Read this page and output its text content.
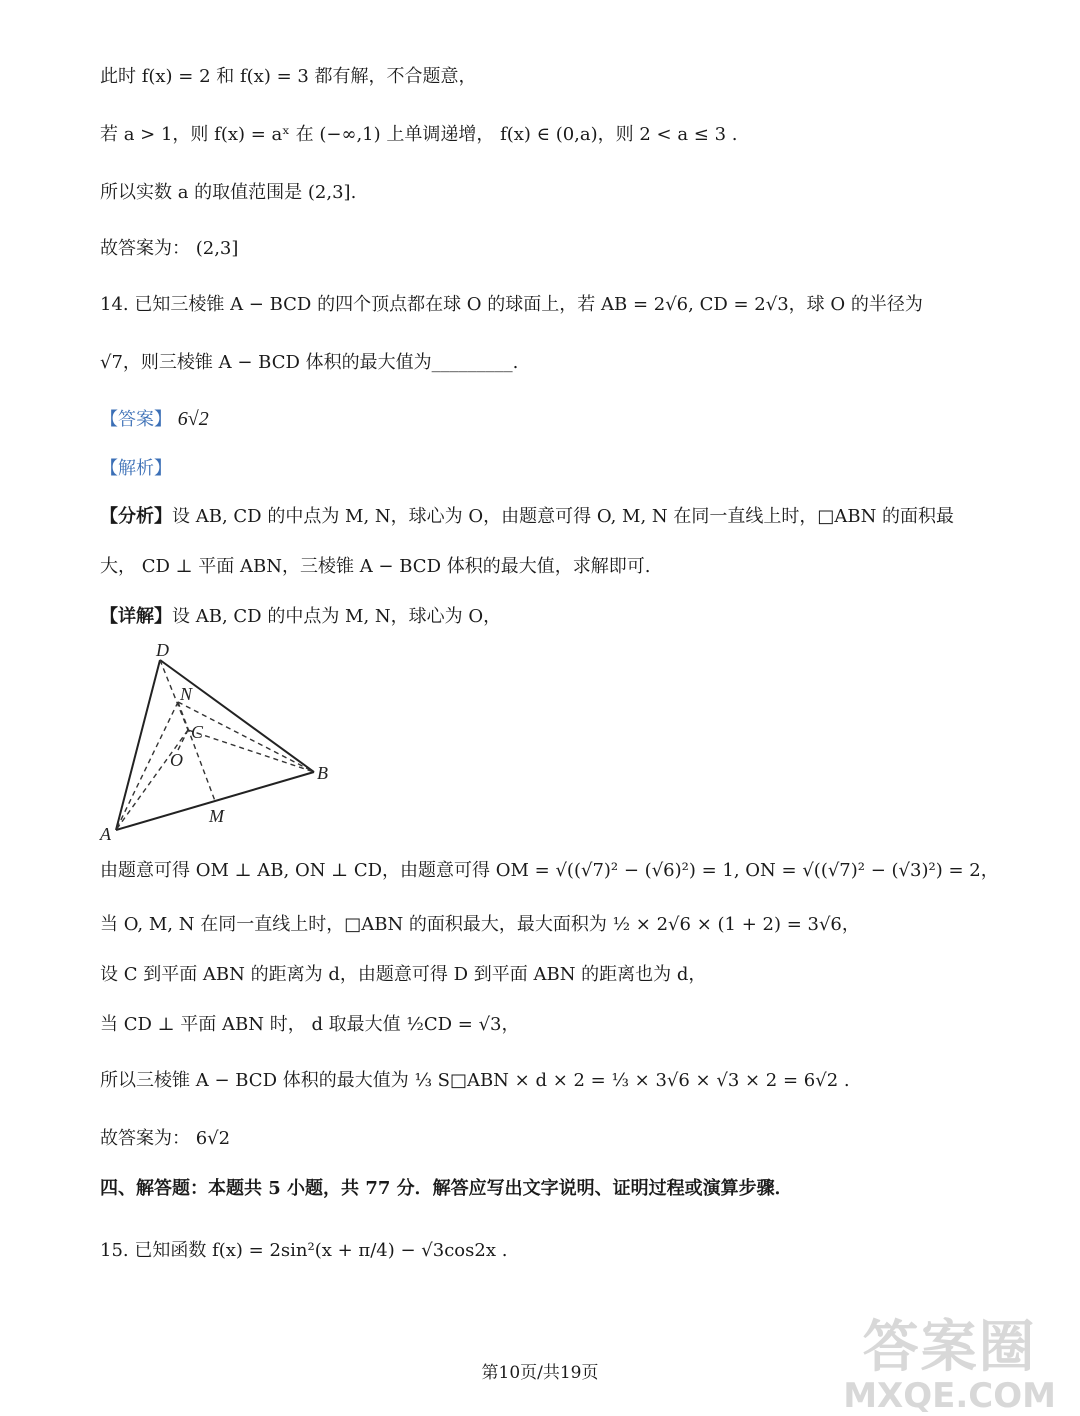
此时 f(x) = 2 和 f(x) = 3 都有解，不合题意，
若 a > 1，则 f(x) = aˣ 在 (−∞,1) 上单调递增， f(x) ∈ (0,a)，则 2 < a ≤ 3 .
所以实数 a 的取值范围是 (2,3].
故答案为： (2,3]
14. 已知三棱锥 A − BCD 的四个顶点都在球 O 的球面上，若 AB = 2√6, CD = 2√3，球 O 的半径为
√7，则三棱锥 A − BCD 体积的最大值为_________.
【答案】 6√2
【解析】
【分析】设 AB, CD 的中点为 M, N，球心为 O，由题意可得 O, M, N 在同一直线上时，□ABN 的面积最
大， CD ⊥ 平面 ABN，三棱锥 A − BCD 体积的最大值，求解即可.
【详解】设 AB, CD 的中点为 M, N，球心为 O，
D
N
C
O
B
M
A
由题意可得 OM ⊥ AB, ON ⊥ CD，由题意可得 OM = √((√7)² − (√6)²) = 1, ON = √((√7)² − (√3)²) = 2，
当 O, M, N 在同一直线上时，□ABN 的面积最大，最大面积为 ½ × 2√6 × (1 + 2) = 3√6，
设 C 到平面 ABN 的距离为 d，由题意可得 D 到平面 ABN 的距离也为 d，
当 CD ⊥ 平面 ABN 时， d 取最大值 ½CD = √3，
所以三棱锥 A − BCD 体积的最大值为 ⅓ S□ABN × d × 2 = ⅓ × 3√6 × √3 × 2 = 6√2 .
故答案为： 6√2
四、解答题：本题共 5 小题，共 77 分．解答应写出文字说明、证明过程或演算步骤．
15. 已知函数 f(x) = 2sin²(x + π/4) − √3cos2x .
答案圈
MXQE.COM
第10页/共19页
